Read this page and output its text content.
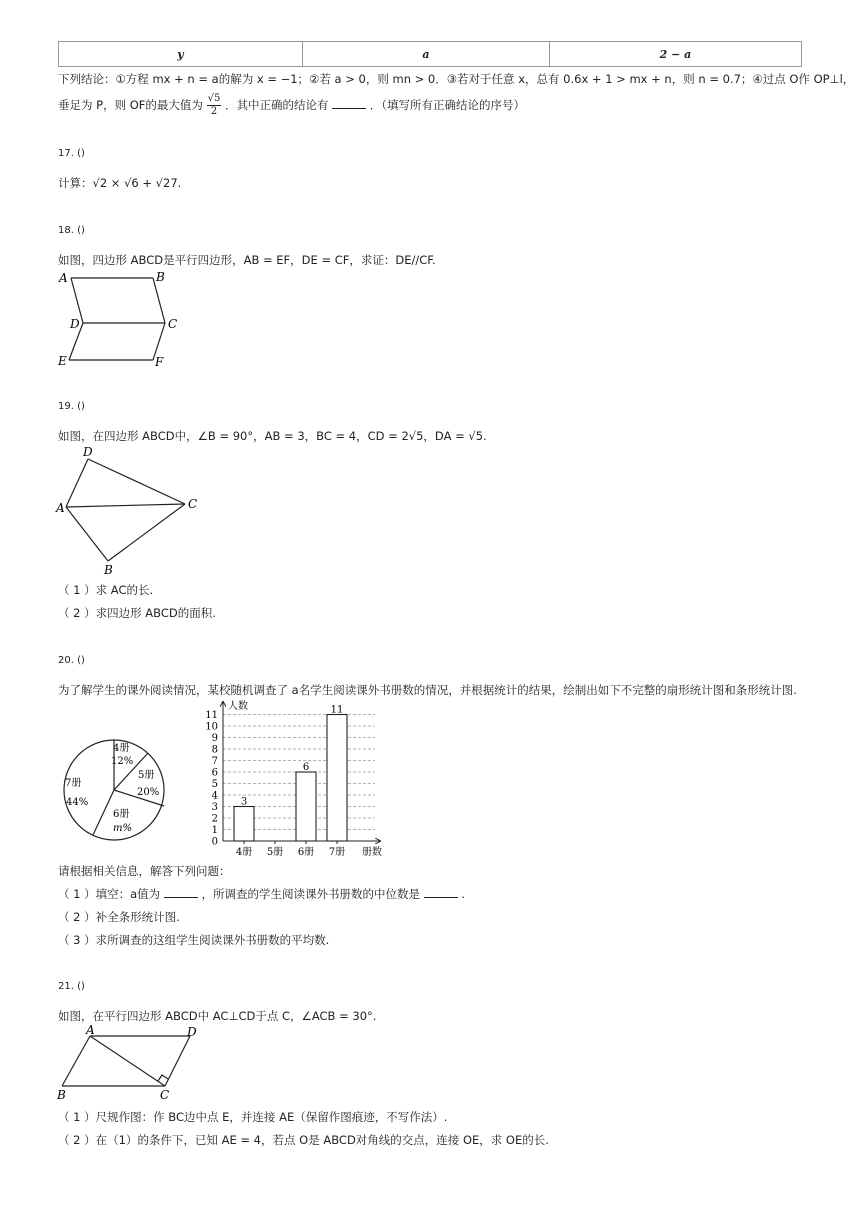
y	a	2 − a
下列结论：①方程 mx + n = a的解为 x = −1；②若 a > 0，则 mn > 0．③若对于任意 x，总有 0.6x + 1 > mx + n，则 n = 0.7；④过点 O作 OP⊥l，
垂足为 P，则 OF的最大值为 $\frac{√5}{2}$ ．其中正确的结论有	．（填写所有正确结论的序号）
17. ()
计算：√2 × √6 + √27.
18. ()
如图，四边形 ABCD是平行四边形，AB = EF，DE = CF，求证：DE//CF.
A	B
D	C
E	F
19. ()
如图，在四边形 ABCD中，∠B = 90°，AB = 3，BC = 4，CD = 2√5，DA = √5.
D
A	C
B
（ 1 ）求 AC的长.
（ 2 ）求四边形 ABCD的面积.
20. ()
为了解学生的课外阅读情况，某校随机调查了 a名学生阅读课外书册数的情况，并根据统计的结果，绘制出如下不完整的扇形统计图和条形统计图.
4册
12%
5册
20%
6册
m%
7册
44%
0
1
2
3
4
5
6
7
8
9
10
11
3
6
11
4册 5册 6册 7册
人数
册数
请根据相关信息，解答下列问题：
（ 1 ）填空：a值为	，所调查的学生阅读课外书册数的中位数是	.
（ 2 ）补全条形统计图.
（ 3 ）求所调查的这组学生阅读课外书册数的平均数.
21. ()
如图，在平行四边形 ABCD中 AC⊥CD于点 C，∠ACB = 30°.
A	D
B	C
（ 1 ）尺规作图：作 BC边中点 E，并连接 AE（保留作图痕迹，不写作法）.
（ 2 ）在（1）的条件下，已知 AE = 4，若点 O是 ABCD对角线的交点，连接 OE，求 OE的长.
